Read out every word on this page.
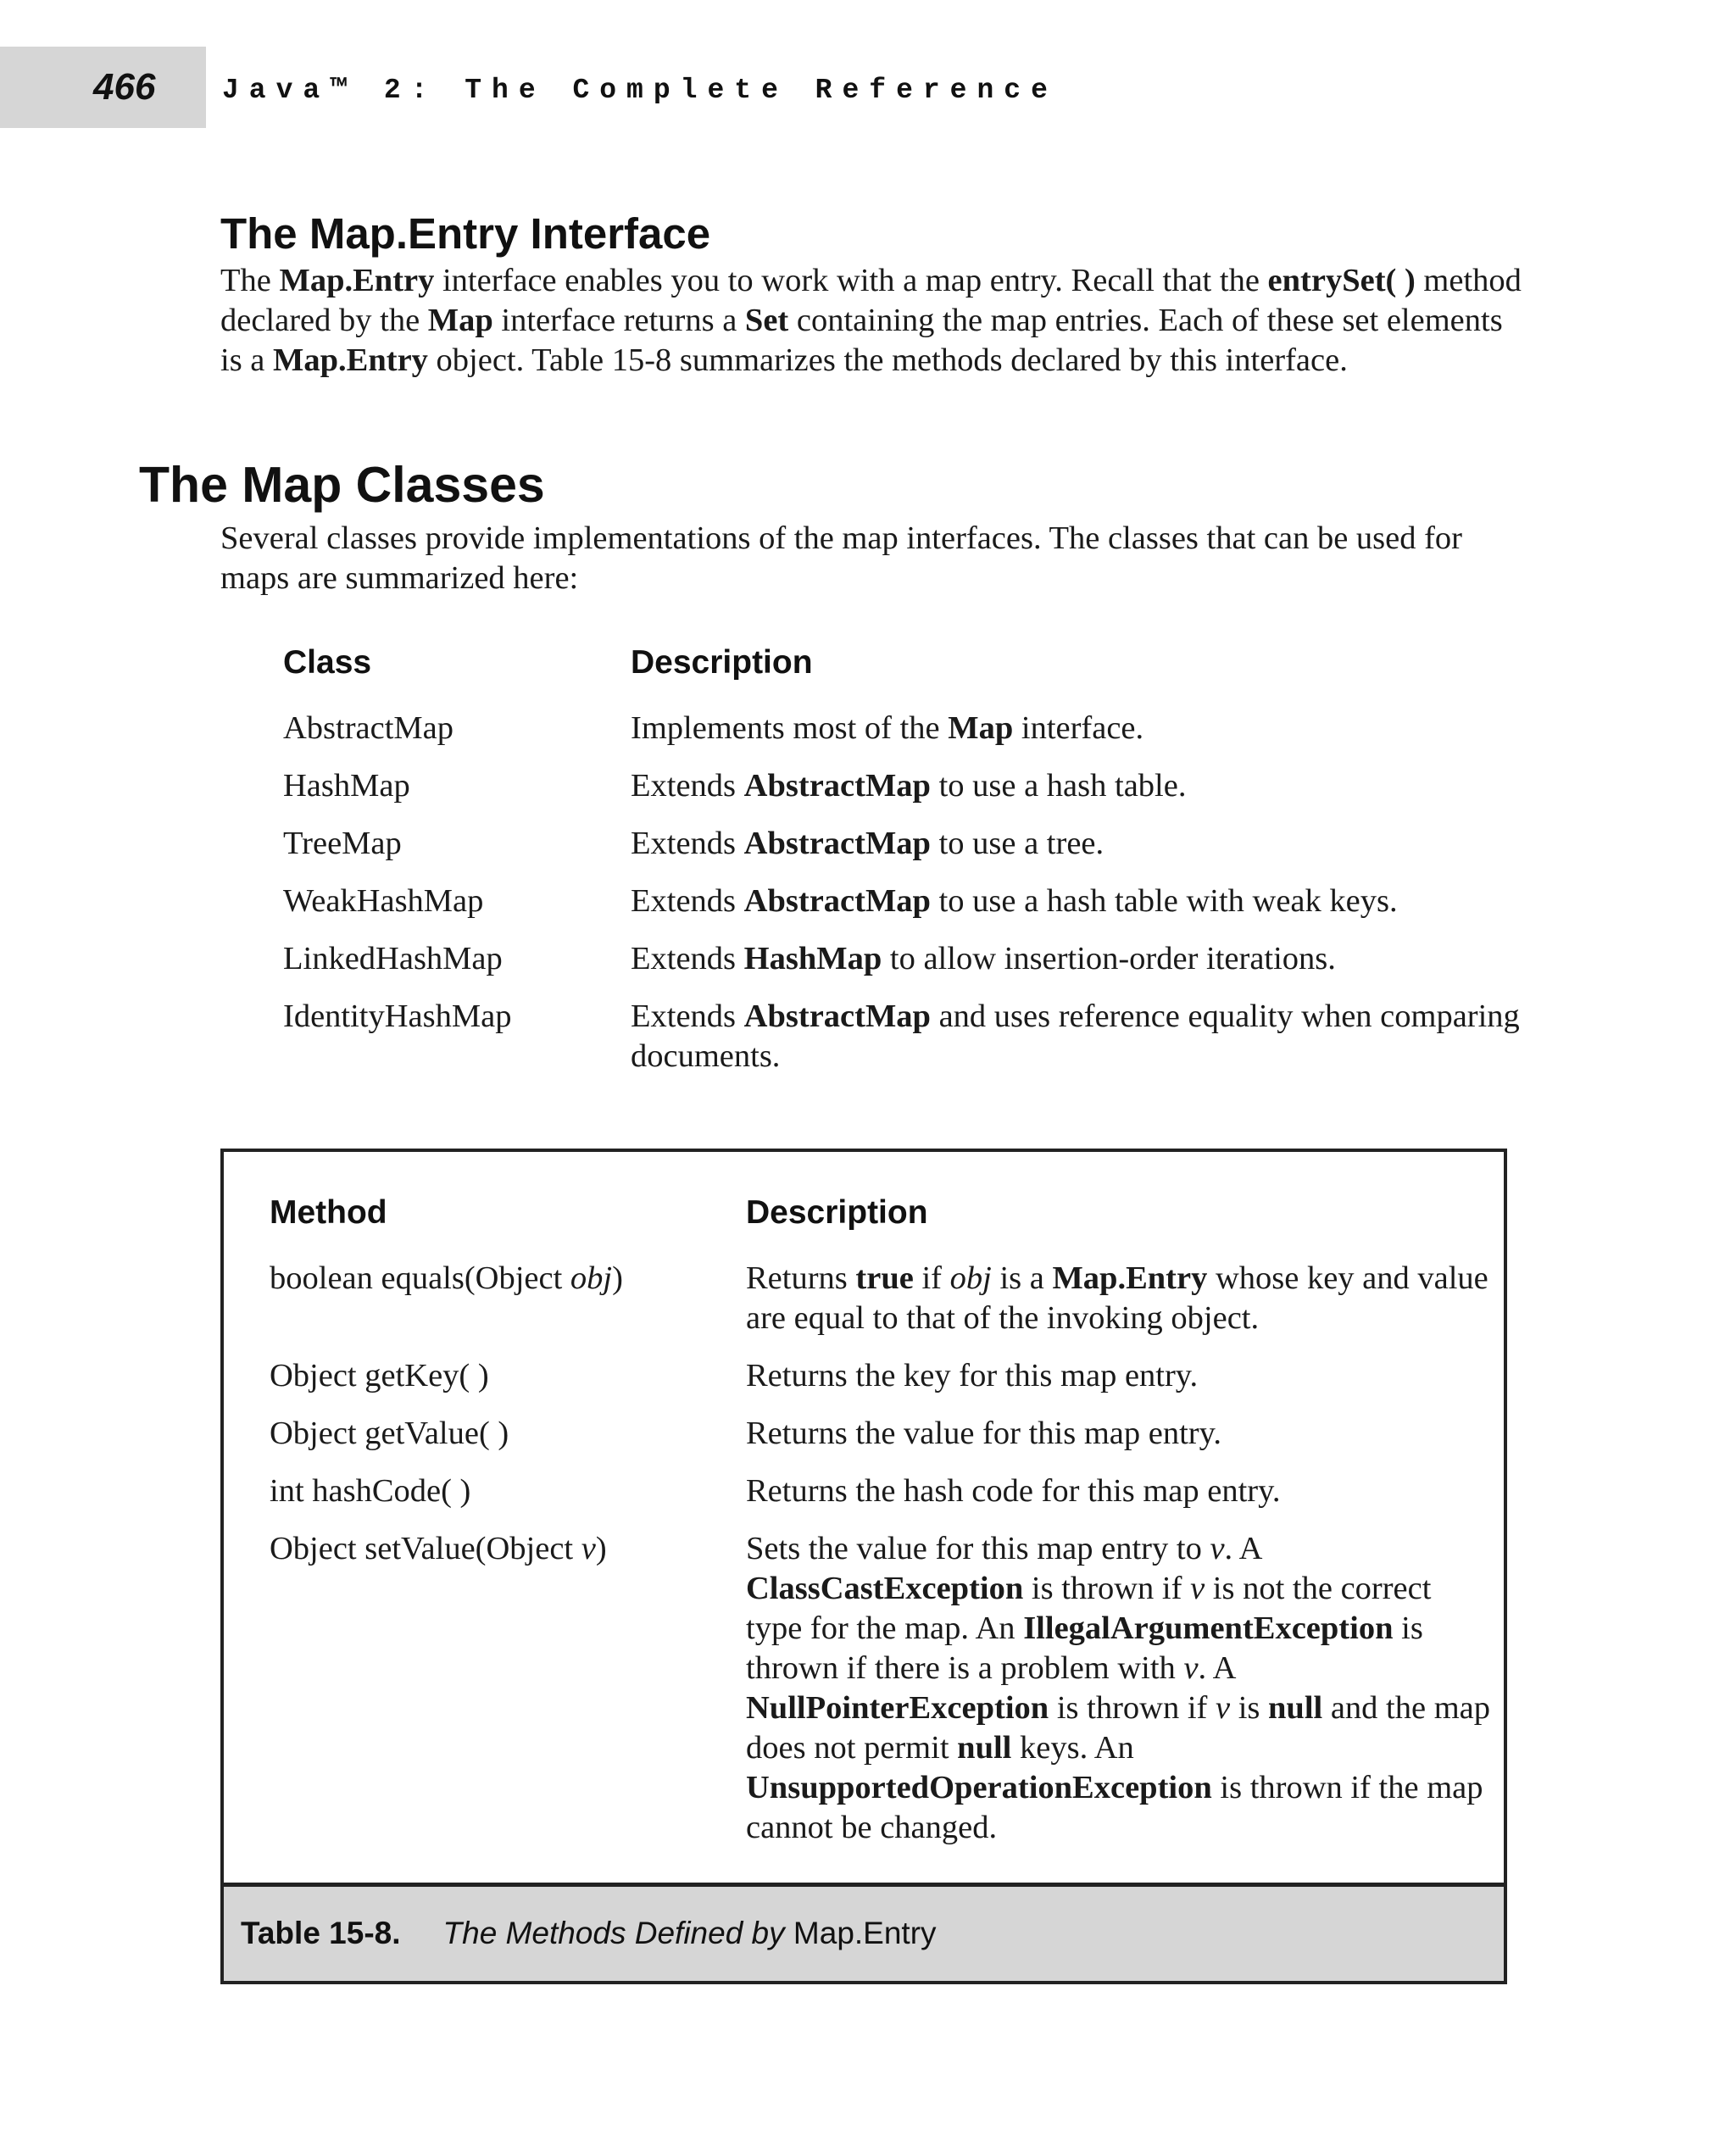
466 Java™ 2: The Complete Reference
The Map.Entry Interface
The Map.Entry interface enables you to work with a map entry. Recall that the entrySet( ) method declared by the Map interface returns a Set containing the map entries. Each of these set elements is a Map.Entry object. Table 15-8 summarizes the methods declared by this interface.
The Map Classes
Several classes provide implementations of the map interfaces. The classes that can be used for maps are summarized here:
Class	Description
AbstractMap	Implements most of the Map interface.
HashMap	Extends AbstractMap to use a hash table.
TreeMap	Extends AbstractMap to use a tree.
WeakHashMap	Extends AbstractMap to use a hash table with weak keys.
LinkedHashMap	Extends HashMap to allow insertion-order iterations.
IdentityHashMap	Extends AbstractMap and uses reference equality when comparing documents.
Method	Description
boolean equals(Object obj)	Returns true if obj is a Map.Entry whose key and value are equal to that of the invoking object.
Object getKey( )	Returns the key for this map entry.
Object getValue( )	Returns the value for this map entry.
int hashCode( )	Returns the hash code for this map entry.
Object setValue(Object v)	Sets the value for this map entry to v. A ClassCastException is thrown if v is not the correct type for the map. An IllegalArgumentException is thrown if there is a problem with v. A NullPointerException is thrown if v is null and the map does not permit null keys. An UnsupportedOperationException is thrown if the map cannot be changed.
Table 15-8. The Methods Defined by Map.Entry
